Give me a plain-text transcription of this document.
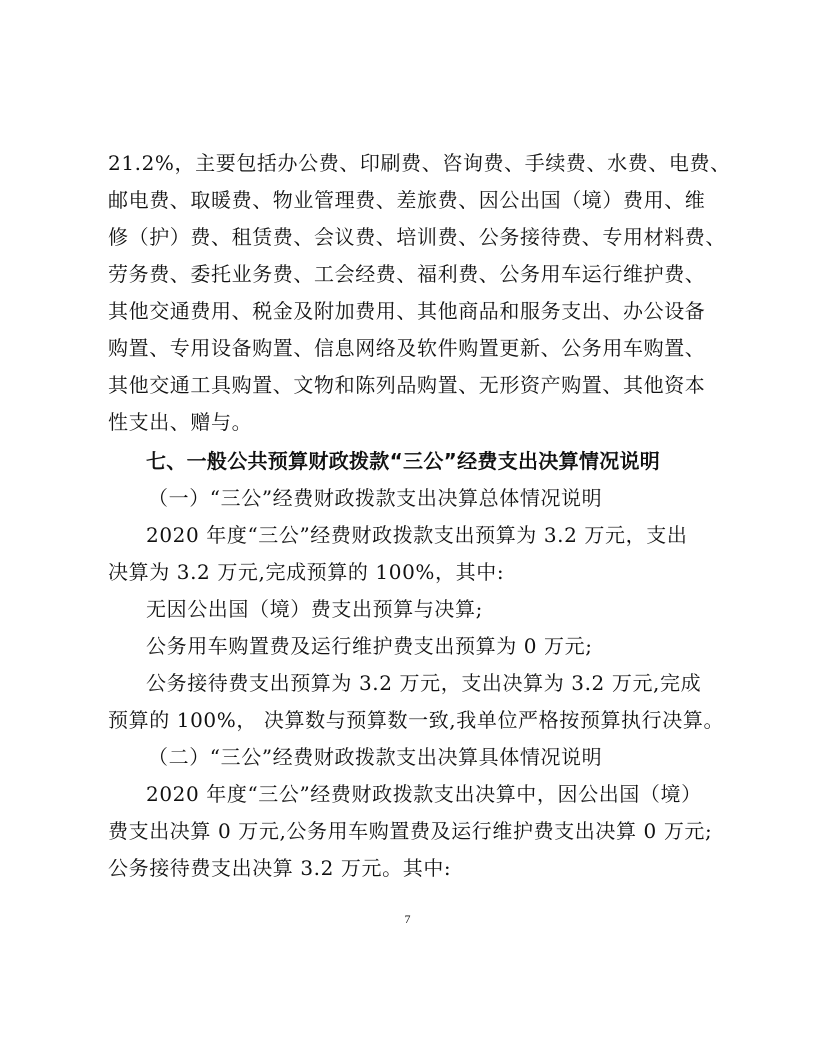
21.2%，主要包括办公费、印刷费、咨询费、手续费、水费、电费、
邮电费、取暖费、物业管理费、差旅费、因公出国（境）费用、维
修（护）费、租赁费、会议费、培训费、公务接待费、专用材料费、
劳务费、委托业务费、工会经费、福利费、公务用车运行维护费、
其他交通费用、税金及附加费用、其他商品和服务支出、办公设备
购置、专用设备购置、信息网络及软件购置更新、公务用车购置、
其他交通工具购置、文物和陈列品购置、无形资产购置、其他资本
性支出、赠与。
七、一般公共预算财政拨款“三公”经费支出决算情况说明
（一）“三公”经费财政拨款支出决算总体情况说明
2020 年度“三公”经费财政拨款支出预算为 3.2 万元，支出
决算为 3.2 万元,完成预算的 100%，其中:
无因公出国（境）费支出预算与决算;
公务用车购置费及运行维护费支出预算为 0 万元;
公务接待费支出预算为 3.2 万元，支出决算为 3.2 万元,完成
预算的 100%， 决算数与预算数一致,我单位严格按预算执行决算。
（二）“三公”经费财政拨款支出决算具体情况说明
2020 年度“三公”经费财政拨款支出决算中，因公出国（境）
费支出决算 0 万元,公务用车购置费及运行维护费支出决算 0 万元;
公务接待费支出决算 3.2 万元。其中:
7
